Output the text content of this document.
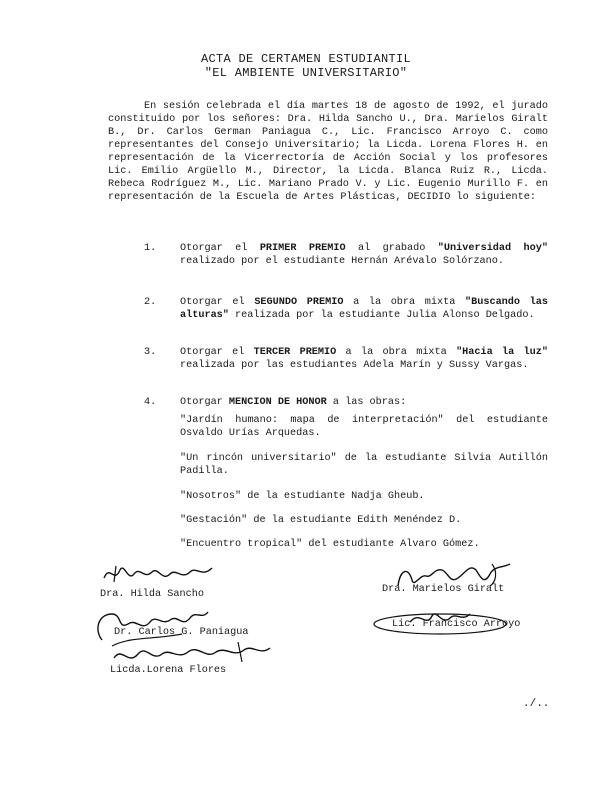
ACTA DE CERTAMEN ESTUDIANTIL
"EL AMBIENTE UNIVERSITARIO"

En sesión celebrada el día martes 18 de agosto de 1992, el jurado constituido por los señores: Dra. Hilda Sancho U., Dra. Marielos Giralt B., Dr. Carlos German Paniagua C., Lic. Francisco Arroyo C. como representantes del Consejo Universitario; la Licda. Lorena Flores H. en representación de la Vicerrectoría de Acción Social y los profesores Lic. Emilio Argüello M., Director, la Licda. Blanca Ruiz R., Licda. Rebeca Rodríguez M., Lic. Mariano Prado V. y Lic. Eugenio Murillo F. en representación de la Escuela de Artes Plásticas, DECIDIO lo siguiente:

1. Otorgar el PRIMER PREMIO al grabado "Universidad hoy" realizado por el estudiante Hernán Arévalo Solórzano.
2. Otorgar el SEGUNDO PREMIO a la obra mixta "Buscando las alturas" realizada por la estudiante Julia Alonso Delgado.
3. Otorgar el TERCER PREMIO a la obra mixta "Hacia la luz" realizada por las estudiantes Adela Marín y Sussy Vargas.
4. Otorgar MENCION DE HONOR a las obras:
"Jardín humano: mapa de interpretación" del estudiante Osvaldo Urías Arquedas.
"Un rincón universitario" de la estudiante Silvia Autillón Padilla.
"Nosotros" de la estudiante Nadja Gheub.
"Gestación" de la estudiante Edith Menéndez D.
"Encuentro tropical" del estudiante Alvaro Gómez.
Dra. Hilda Sancho	Dra. Marielos Giralt
Dr. Carlos G. Paniagua
Lic. Francisco Arroyo
Licda.Lorena Flores
./..
